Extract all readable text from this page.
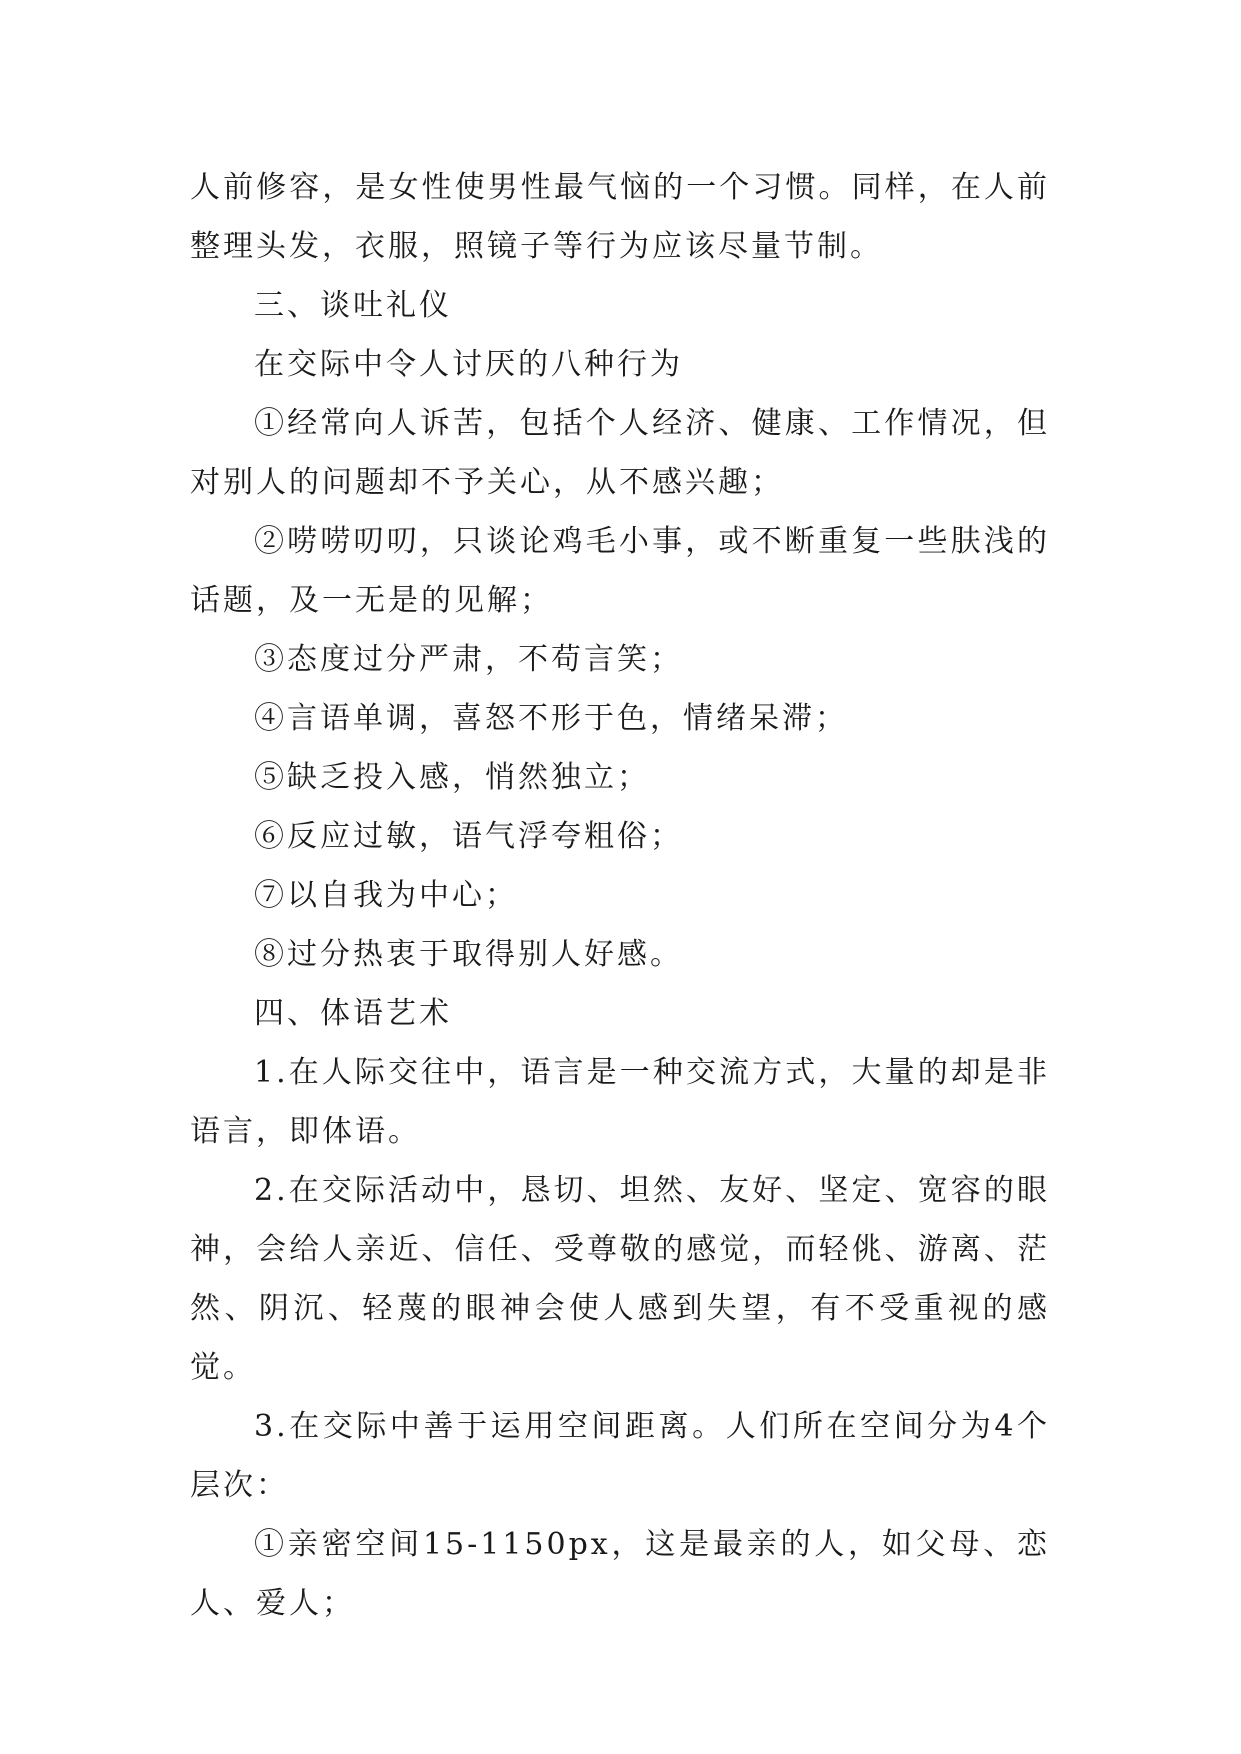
人前修容，是女性使男性最气恼的一个习惯。同样，在人前整理头发，衣服，照镜子等行为应该尽量节制。

三、谈吐礼仪

在交际中令人讨厌的八种行为

①经常向人诉苦，包括个人经济、健康、工作情况，但对别人的问题却不予关心，从不感兴趣；

②唠唠叨叨，只谈论鸡毛小事，或不断重复一些肤浅的话题，及一无是的见解；

③态度过分严肃，不苟言笑；

④言语单调，喜怒不形于色，情绪呆滞；

⑤缺乏投入感，悄然独立；

⑥反应过敏，语气浮夸粗俗；

⑦以自我为中心；

⑧过分热衷于取得别人好感。

四、体语艺术

1.在人际交往中，语言是一种交流方式，大量的却是非语言，即体语。

2.在交际活动中，恳切、坦然、友好、坚定、宽容的眼神，会给人亲近、信任、受尊敬的感觉，而轻佻、游离、茫然、阴沉、轻蔑的眼神会使人感到失望，有不受重视的感觉。

3.在交际中善于运用空间距离。人们所在空间分为4个层次：

①亲密空间15-1150px，这是最亲的人，如父母、恋人、爱人；
